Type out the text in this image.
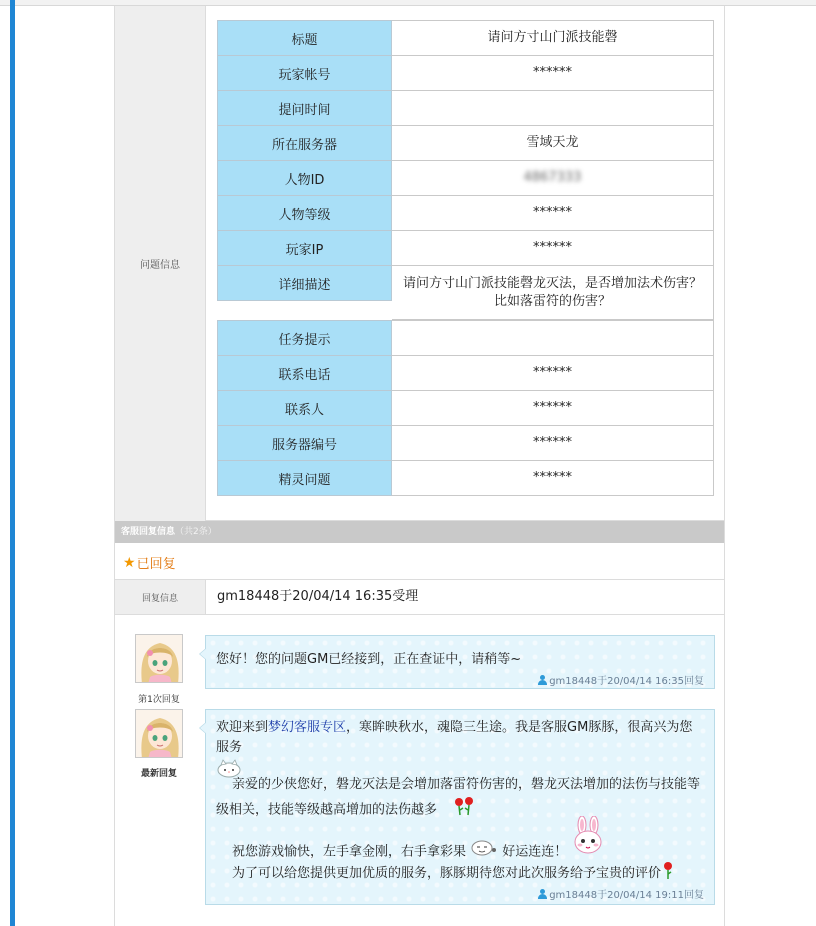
问题信息
标题	请问方寸山门派技能磬
玩家帐号	******
提问时间
所在服务器	雪域天龙
人物ID	4867333
人物等级	******
玩家IP	******
详细描述	请问方寸山门派技能磬龙灭法，是否增加法术伤害？比如落雷符的伤害？
任务提示
联系电话	******
联系人	******
服务器编号	******
精灵问题	******
客服回复信息（共2条）
★ 已回复
回复信息	gm18448于20/04/14 16:35受理
第1次回复
您好！您的问题GM已经接到，正在查证中，请稍等~
gm18448于20/04/14 16:35回复
最新回复
欢迎来到梦幻客服专区，寒眸映秋水，魂隐三生途。我是客服GM豚豚，很高兴为您服务

亲爱的少侠您好，磐龙灭法是会增加落雷符伤害的，磐龙灭法增加的法伤与技能等级相关，技能等级越高增加的法伤越多
祝您游戏愉快，左手拿金刚，右手拿彩果	好运连连！
为了可以给您提供更加优质的服务，豚豚期待您对此次服务给予宝贵的评价
gm18448于20/04/14 19:11回复
